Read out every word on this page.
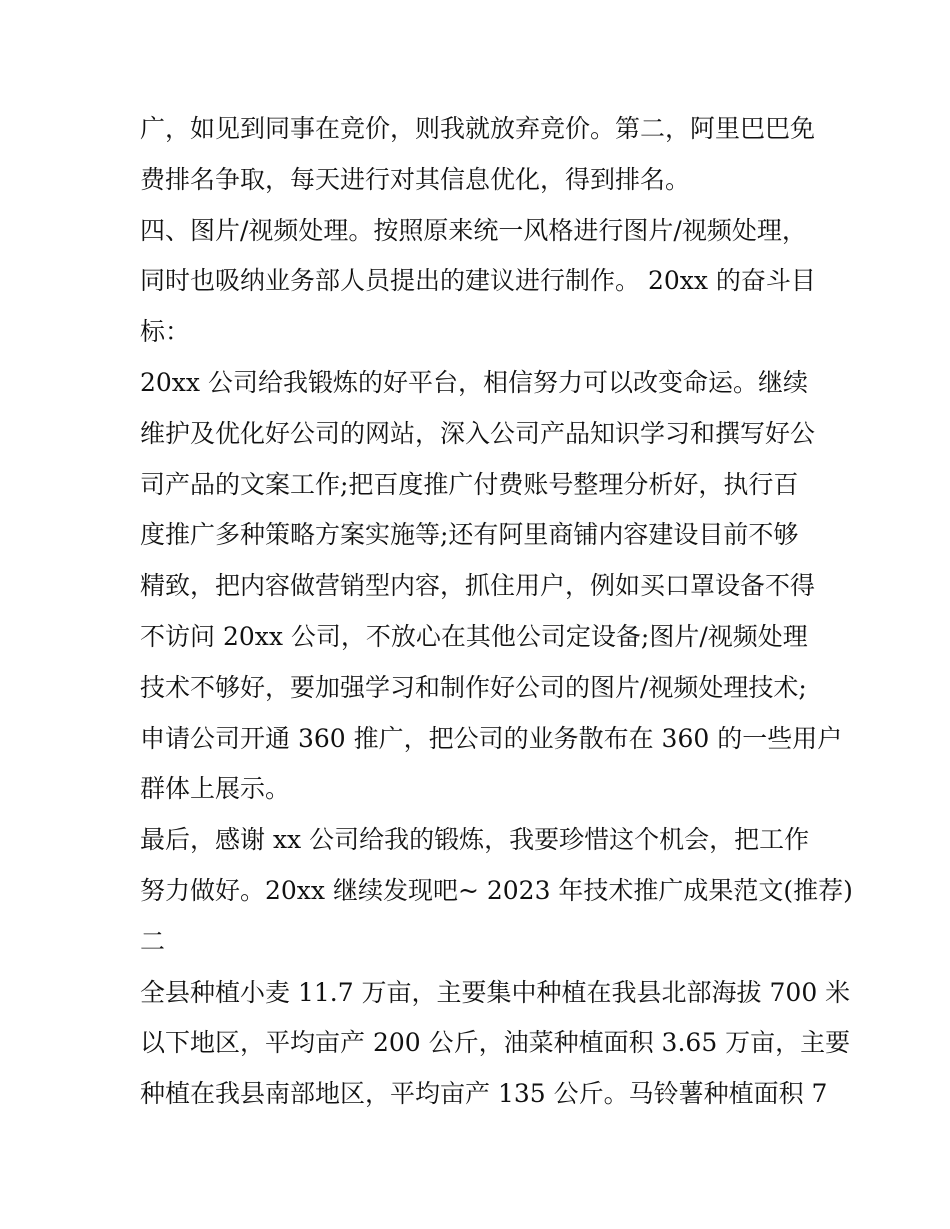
广，如见到同事在竞价，则我就放弃竞价。第二，阿里巴巴免
费排名争取，每天进行对其信息优化，得到排名。
四、图片/视频处理。按照原来统一风格进行图片/视频处理，
同时也吸纳业务部人员提出的建议进行制作。 20xx 的奋斗目
标：
20xx 公司给我锻炼的好平台，相信努力可以改变命运。继续
维护及优化好公司的网站，深入公司产品知识学习和撰写好公
司产品的文案工作;把百度推广付费账号整理分析好，执行百
度推广多种策略方案实施等;还有阿里商铺内容建设目前不够
精致，把内容做营销型内容，抓住用户，例如买口罩设备不得
不访问 20xx 公司，不放心在其他公司定设备;图片/视频处理
技术不够好，要加强学习和制作好公司的图片/视频处理技术;
申请公司开通 360 推广，把公司的业务散布在 360 的一些用户
群体上展示。
最后，感谢 xx 公司给我的锻炼，我要珍惜这个机会，把工作
努力做好。20xx 继续发现吧~ 2023 年技术推广成果范文(推荐)
二
全县种植小麦 11.7 万亩，主要集中种植在我县北部海拔 700 米
以下地区，平均亩产 200 公斤，油菜种植面积 3.65 万亩，主要
种植在我县南部地区，平均亩产 135 公斤。马铃薯种植面积 7
